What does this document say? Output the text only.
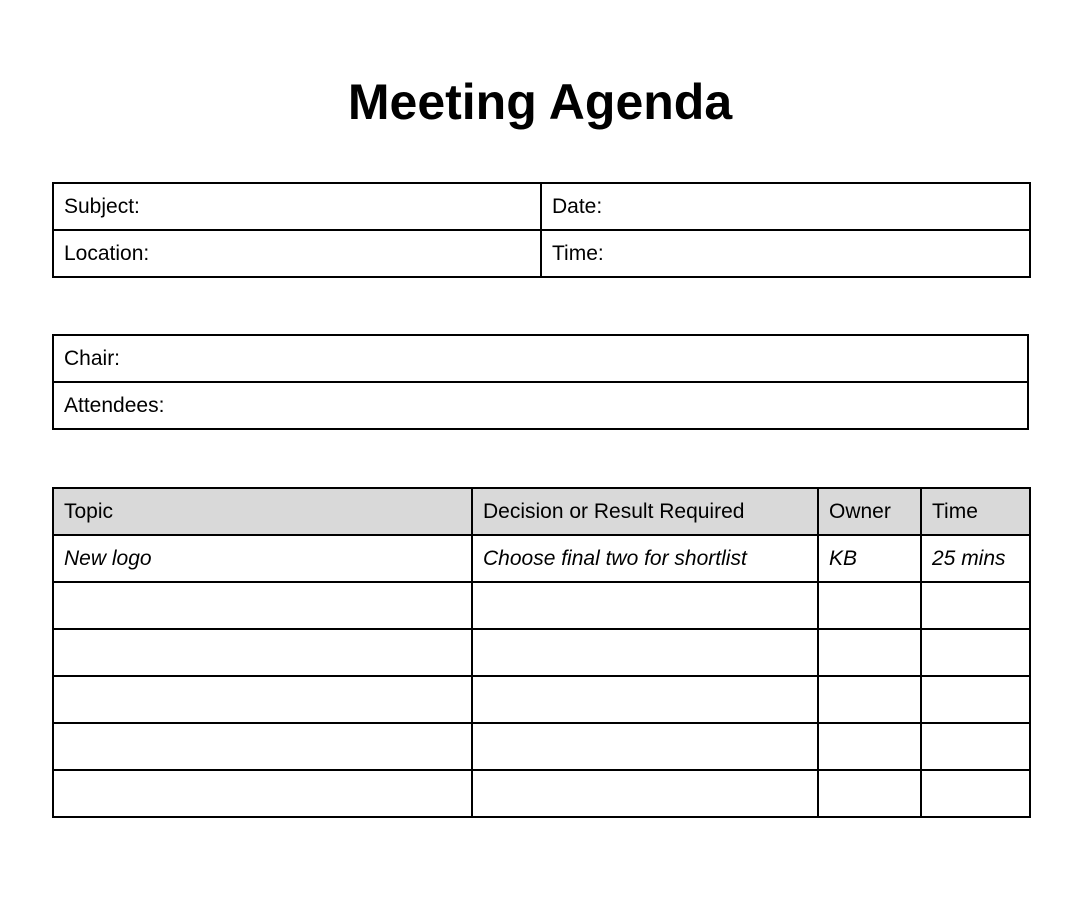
Meeting Agenda
Subject:	Date:
Location:	Time:
Chair:
Attendees:
Topic	Decision or Result Required	Owner	Time
New logo	Choose final two for shortlist	KB	25 mins
